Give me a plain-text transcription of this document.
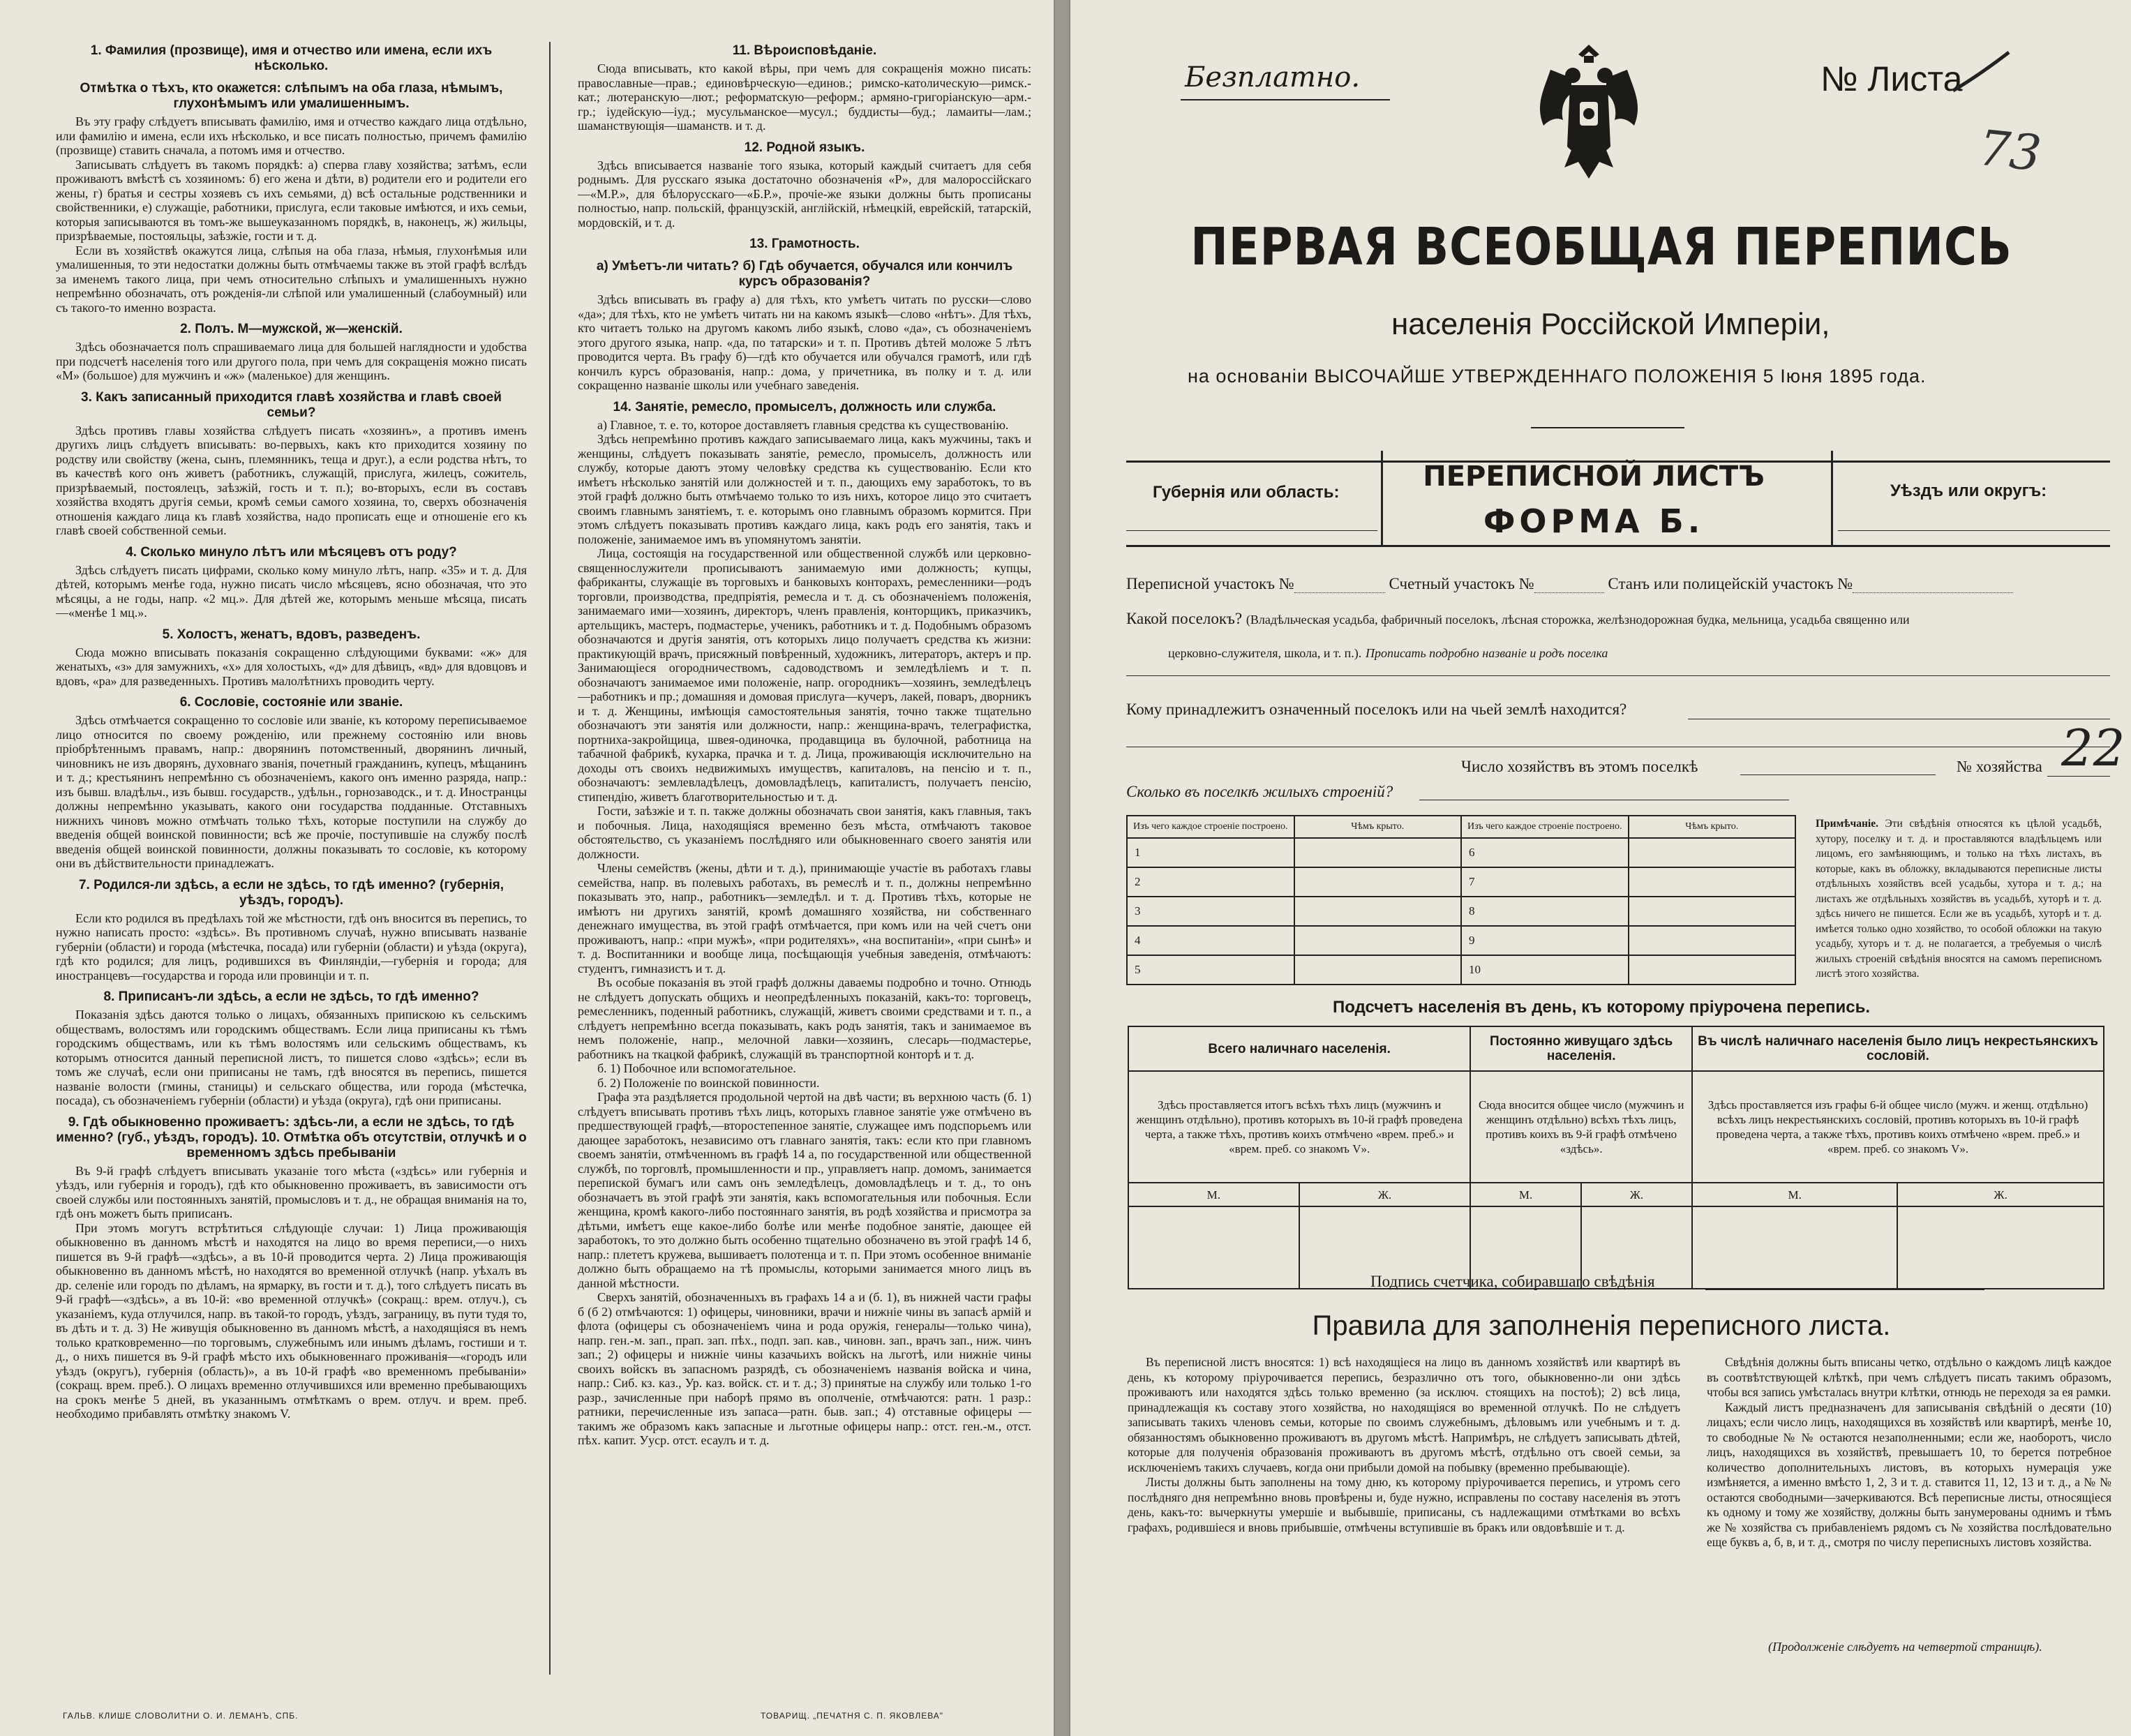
1. Фамилия (прозвище), имя и отчество или имена, если ихъ нѣсколько.
Отмѣтка о тѣхъ, кто окажется: слѣпымъ на оба глаза, нѣмымъ, глухонѣмымъ или умалишеннымъ.

Въ эту графу слѣдуетъ вписывать фамилію, имя и отчество каждаго лица отдѣльно, или фамилію и имена, если ихъ нѣсколько, и все писать полностью, причемъ фамилію (прозвище) ставить сначала, а потомъ имя и отчество.

Записывать слѣдуетъ въ такомъ порядкѣ: а) сперва главу хозяйства; затѣмъ, если проживаютъ вмѣстѣ съ хозяиномъ: б) его жена и дѣти, в) родители его и родители его жены, г) братья и сестры хозяевъ съ ихъ семьями, д) всѣ остальные родственники и свойственники, е) служащіе, работники, прислуга, если таковые имѣются, и ихъ семьи, которыя записываются въ томъ-же вышеуказанномъ порядкѣ, в, наконецъ, ж) жильцы, призрѣваемые, постояльцы, заѣзжіе, гости и т. д.

Если въ хозяйствѣ окажутся лица, слѣпыя на оба глаза, нѣмыя, глухонѣмыя или умалишенныя, то эти недостатки должны быть отмѣчаемы также въ этой графѣ вслѣдъ за именемъ такого лица, при чемъ относительно слѣпыхъ и умалишенныхъ нужно непремѣнно обозначать, отъ рожденія-ли слѣпой или умалишенный (слабоумный) или съ такого-то именно возраста.

2. Полъ. М—мужской, ж—женскій.

Здѣсь обозначается полъ спрашиваемаго лица для большей наглядности и удобства при подсчетѣ населенія того или другого пола, при чемъ для сокращенія можно писать «М» (большое) для мужчинъ и «ж» (маленькое) для женщинъ.

3. Какъ записанный приходится главѣ хозяйства и главѣ своей семьи?

Здѣсь противъ главы хозяйства слѣдуетъ писать «хозяинъ», а противъ именъ другихъ лицъ слѣдуетъ вписывать: во-первыхъ, какъ кто приходится хозяину по родству или свойству (жена, сынъ, племянникъ, теща и друг.), а если родства нѣтъ, то въ качествѣ кого онъ живетъ (работникъ, служащій, прислуга, жилецъ, сожитель, призрѣваемый, постоялецъ, заѣзжій, гость и т. п.); во-вторыхъ, если въ составъ хозяйства входятъ другія семьи, кромѣ семьи самого хозяина, то, сверхъ обозначенія отношенія каждаго лица къ главѣ хозяйства, надо прописать еще и отношеніе его къ главѣ своей собственной семьи.

4. Сколько минуло лѣтъ или мѣсяцевъ отъ роду?

Здѣсь слѣдуетъ писать цифрами, сколько кому минуло лѣтъ, напр. «35» и т. д. Для дѣтей, которымъ менѣе года, нужно писать число мѣсяцевъ, ясно обозначая, что это мѣсяцы, а не годы, напр. «2 мц.». Для дѣтей же, которымъ меньше мѣсяца, писать—«менѣе 1 мц.».

5. Холостъ, женатъ, вдовъ, разведенъ.

Сюда можно вписывать показанія сокращенно слѣдующими буквами: «ж» для женатыхъ, «з» для замужнихъ, «х» для холостыхъ, «д» для дѣвицъ, «вд» для вдовцовъ и вдовъ, «ра» для разведенныхъ. Противъ малолѣтнихъ проводить черту.

6. Сословіе, состояніе или званіе.

Здѣсь отмѣчается сокращенно то сословіе или званіе, къ которому переписываемое лицо относится по своему рожденію, или прежнему состоянію или вновь пріобрѣтеннымъ правамъ, напр.: дворянинъ потомственный, дворянинъ личный, чиновникъ не изъ дворянъ, духовнаго званія, почетный гражданинъ, купецъ, мѣщанинъ и т. д.; крестьянинъ непремѣнно съ обозначеніемъ, какого онъ именно разряда, напр.: изъ бывш. владѣльч., изъ бывш. государств., удѣльн., горнозаводск., и т. д. Иностранцы должны непремѣнно указывать, какого они государства подданные. Отставныхъ нижнихъ чиновъ можно отмѣчать только тѣхъ, которые поступили на службу до введенія общей воинской повинности; всѣ же прочіе, поступившіе на службу послѣ введенія общей воинской повинности, должны показывать то сословіе, къ которому они въ дѣйствительности принадлежатъ.

7. Родился-ли здѣсь, а если не здѣсь, то гдѣ именно? (губернія, уѣздъ, городъ).

Если кто родился въ предѣлахъ той же мѣстности, гдѣ онъ вносится въ перепись, то нужно написать просто: «здѣсь». Въ противномъ случаѣ, нужно вписывать названіе губерніи (области) и города (мѣстечка, посада) или губерніи (области) и уѣзда (округа), гдѣ кто родился; для лицъ, родившихся въ Финляндіи,—губернія и города; для иностранцевъ—государства и города или провинціи и т. п.

8. Приписанъ-ли здѣсь, а если не здѣсь, то гдѣ именно?

Показанія здѣсь даются только о лицахъ, обязанныхъ припискою къ сельскимъ обществамъ, волостямъ или городскимъ обществамъ. Если лица приписаны къ тѣмъ городскимъ обществамъ, или къ тѣмъ волостямъ или сельскимъ обществамъ, къ которымъ относится данный переписной листъ, то пишется слово «здѣсь»; если въ томъ же случаѣ, если они приписаны не тамъ, гдѣ вносятся въ перепись, пишется названіе волости (гмины, станицы) и сельскаго общества, или города (мѣстечка, посада), съ обозначеніемъ губерніи (области) и уѣзда (округа), гдѣ они приписаны.

9. Гдѣ обыкновенно проживаетъ: здѣсь-ли, а если не здѣсь, то гдѣ именно? (губ., уѣздъ, городъ). 10. Отмѣтка объ отсутствіи, отлучкѣ и о временномъ здѣсь пребываніи

Въ 9-й графѣ слѣдуетъ вписывать указаніе того мѣста («здѣсь» или губернія и уѣздъ, или губернія и городъ), гдѣ кто обыкновенно проживаетъ, въ зависимости отъ своей службы или постоянныхъ занятій, промысловъ и т. д., не обращая вниманія на то, гдѣ онъ можетъ быть приписанъ.

При этомъ могутъ встрѣтиться слѣдующіе случаи: 1) Лица проживающія обыкновенно въ данномъ мѣстѣ и находятся на лицо во время переписи,—о нихъ пишется въ 9-й графѣ—«здѣсь», а въ 10-й проводится черта. 2) Лица проживающія обыкновенно въ данномъ мѣстѣ, но находятся во временной отлучкѣ (напр. уѣхалъ въ др. селеніе или городъ по дѣламъ, на ярмарку, въ гости и т. д.), того слѣдуетъ писать въ 9-й графѣ—«здѣсь», а въ 10-й: «во временной отлучкѣ» (сокращ.: врем. отлуч.), съ указаніемъ, куда отлучился, напр. въ такой-то городъ, уѣздъ, заграницу, въ пути тудя то, въ дѣть и т. д. 3) Не живущія обыкновенно въ данномъ мѣстѣ, а находящіяся въ немъ только кратковременно—по торговымъ, служебнымъ или инымъ дѣламъ, гостиши и т. д., о нихъ пишется въ 9-й графѣ мѣсто ихъ обыкновеннаго проживанія—«городъ или уѣздъ (округъ), губернія (область)», а въ 10-й графѣ «во временномъ пребываніи» (сокращ. врем. преб.). О лицахъ временно отлучившихся или временно пребывающихъ на срокъ менѣе 5 дней, въ указаннымъ отмѣткамъ о врем. отлуч. и врем. преб. необходимо прибавлять отмѣтку знакомъ V.

11. Вѣроисповѣданіе.

Сюда вписывать, кто какой вѣры, при чемъ для сокращенія можно писать: православные—прав.; единовѣрческую—единов.; римско-католическую—римск.-кат.; лютеранскую—лют.; реформатскую—реформ.; армяно-григоріанскую—арм.-гр.; іудейскую—іуд.; мусульманское—мусул.; буддисты—буд.; ламаиты—лам.; шаманствующія—шаманств. и т. д.

12. Родной языкъ.

Здѣсь вписывается названіе того языка, который каждый считаетъ для себя роднымъ. Для русскаго языка достаточно обозначенія «Р», для малороссійскаго—«М.Р.», для бѣлорусскаго—«Б.Р.», прочіе-же языки должны быть прописаны полностью, напр. польскій, французскій, англійскій, нѣмецкій, еврейскій, татарскій, мордовскій, и т. д.

13. Грамотность.
а) Умѣетъ-ли читать? б) Гдѣ обучается, обучался или кончилъ курсъ образованія?

Здѣсь вписывать въ графу а) для тѣхъ, кто умѣетъ читать по русски—слово «да»; для тѣхъ, кто не умѣетъ читать ни на какомъ языкѣ—слово «нѣтъ». Для тѣхъ, кто читаетъ только на другомъ какомъ либо языкѣ, слово «да», съ обозначеніемъ этого другого языка, напр. «да, по татарски» и т. п. Противъ дѣтей моложе 5 лѣтъ проводится черта. Въ графу б)—гдѣ кто обучается или обучался грамотѣ, или гдѣ кончилъ курсъ образованія, напр.: дома, у причетника, въ полку и т. д. или сокращенно названіе школы или учебнаго заведенія.

14. Занятіе, ремесло, промыселъ, должность или служба.

а) Главное, т. е. то, которое доставляетъ главныя средства къ существованію.

Здѣсь непремѣнно противъ каждаго записываемаго лица, какъ мужчины, такъ и женщины, слѣдуетъ показывать занятіе, ремесло, промыселъ, должность или службу, которые даютъ этому человѣку средства къ существованію. Если кто имѣетъ нѣсколько занятій или должностей и т. п., дающихъ ему заработокъ, то въ этой графѣ должно быть отмѣчаемо только то изъ нихъ, которое лицо это считаетъ своимъ главнымъ занятіемъ, т. е. которымъ оно главнымъ образомъ кормится. При этомъ слѣдуетъ показывать противъ каждаго лица, какъ родъ его занятія, такъ и положеніе, занимаемое имъ въ упомянутомъ занятіи.

Лица, состоящія на государственной или общественной службѣ или церковно-священнослужители прописываютъ занимаемую ими должность; купцы, фабриканты, служащіе въ торговыхъ и банковыхъ конторахъ, ремесленники—родъ торговли, производства, предпріятія, ремесла и т. д. съ обозначеніемъ положенія, занимаемаго ими—хозяинъ, директоръ, членъ правленія, конторщикъ, приказчикъ, артельщикъ, мастеръ, подмастерье, ученикъ, работникъ и т. д. Подобнымъ образомъ обозначаются и другія занятія, отъ которыхъ лицо получаетъ средства къ жизни: практикующій врачъ, присяжный повѣренный, художникъ, литераторъ, актеръ и пр. Занимающіеся огородничествомъ, садоводствомъ и земледѣліемъ и т. п. обозначаютъ занимаемое ими положеніе, напр. огородникъ—хозяинъ, земледѣлецъ—работникъ и пр.; домашняя и домовая прислуга—кучеръ, лакей, поваръ, дворникъ и т. д. Женщины, имѣющія самостоятельныя занятія, точно также тщательно обозначаютъ эти занятія или должности, напр.: женщина-врачъ, телеграфистка, портниха-закройщица, швея-одиночка, продавщица въ булочной, работница на табачной фабрикѣ, кухарка, прачка и т. д. Лица, проживающія исключительно на доходы отъ своихъ недвижимыхъ имуществъ, капиталовъ, на пенсію и т. п., обозначаютъ: землевладѣлецъ, домовладѣлецъ, капиталистъ, получаетъ пенсію, стипендію, живетъ благотворительностью и т. д.

Гости, заѣзжіе и т. п. также должны обозначать свои занятія, какъ главныя, такъ и побочныя. Лица, находящіяся временно безъ мѣста, отмѣчаютъ таковое обстоятельство, съ указаніемъ послѣдняго или обыкновеннаго своего занятія или должности.

Члены семействъ (жены, дѣти и т. д.), принимающіе участіе въ работахъ главы семейства, напр. въ полевыхъ работахъ, въ ремеслѣ и т. п., должны непремѣнно показывать это, напр., работникъ—земледѣл. и т. д. Противъ тѣхъ, которые не имѣютъ ни другихъ занятій, кромѣ домашняго хозяйства, ни собственнаго денежнаго имущества, въ этой графѣ отмѣчается, при комъ или на чей счетъ они проживаютъ, напр.: «при мужѣ», «при родителяхъ», «на воспитаніи», «при сынѣ» и т. д. Воспитанники и вообще лица, посѣщающія учебныя заведенія, отмѣчаютъ: студентъ, гимназистъ и т. д.

Въ особые показанія въ этой графѣ должны даваемы подробно и точно. Отнюдь не слѣдуетъ допускать общихъ и неопредѣленныхъ показаній, какъ-то: торговецъ, ремесленникъ, поденный работникъ, служащій, живетъ своими средствами и т. п., а слѣдуетъ непремѣнно всегда показывать, какъ родъ занятія, такъ и занимаемое въ немъ положеніе, напр., мелочной лавки—хозяинъ, слесарь—подмастерье, работникъ на ткацкой фабрикѣ, служащій въ транспортной конторѣ и т. д.

б. 1) Побочное или вспомогательное.

б. 2) Положеніе по воинской повинности.

Графа эта раздѣляется продольной чертой на двѣ части; въ верхнюю часть (б. 1) слѣдуетъ вписывать противъ тѣхъ лицъ, которыхъ главное занятіе уже отмѣчено въ предшествующей графѣ,—второстепенное занятіе, служащее имъ подспорьемъ или дающее заработокъ, независимо отъ главнаго занятія, такъ: если кто при главномъ своемъ занятіи, отмѣченномъ въ графѣ 14 а, по государственной или общественной службѣ, по торговлѣ, промышленности и пр., управляетъ напр. домомъ, занимается перепиской бумагъ или самъ онъ земледѣлецъ, домовладѣлецъ и т. д., то онъ обозначаетъ въ этой графѣ эти занятія, какъ вспомогательныя или побочныя. Если женщина, кромѣ какого-либо постояннаго занятія, въ родѣ хозяйства и присмотра за дѣтьми, имѣетъ еще какое-либо болѣе или менѣе подобное занятіе, дающее ей заработокъ, то это должно быть особенно тщательно обозначено въ этой графѣ 14 б, напр.: плететъ кружева, вышиваетъ полотенца и т. п. При этомъ особенное вниманіе должно быть обращаемо на тѣ промыслы, которыми занимается много лицъ въ данной мѣстности.

Сверхъ занятій, обозначенныхъ въ графахъ 14 а и (б. 1), въ нижней части графы б (б 2) отмѣчаются: 1) офицеры, чиновники, врачи и нижніе чины въ запасѣ армій и флота (офицеры съ обозначеніемъ чина и рода оружія, генералы—только чина), напр. ген.-м. зап., прап. зап. пѣх., подп. зап. кав., чиновн. зап., врачъ зап., ниж. чинъ зап.; 2) офицеры и нижніе чины казачьихъ войскъ на льготѣ, или нижніе чины своихъ войскъ въ запасномъ разрядѣ, съ обозначеніемъ названія войска и чина, напр.: Сиб. кз. каз., Ур. каз. войск. ст. и т. д.; 3) принятые на службу или только 1-го разр., зачисленные при наборѣ прямо въ ополченіе, отмѣчаются: ратн. 1 разр.: ратники, перечисленные изъ запаса—ратн. быв. зап.; 4) отставные офицеры — такимъ же образомъ какъ запасные и льготные офицеры напр.: отст. ген.-м., отст. пѣх. капит. Ууср. отст. есаулъ и т. д.

ГАЛЬВ. КЛИШЕ СЛОВОЛИТНИ О. И. ЛЕМАНЪ, СПБ.	ТОВАРИЩ. „ПЕЧАТНЯ С. П. ЯКОВЛЕВА"
Безплатно.	№ Листа
73
ПЕРВАЯ ВСЕОБЩАЯ ПЕРЕПИСЬ
населенія Россійской Имперіи,
на основаніи ВЫСОЧАЙШЕ УТВЕРЖДЕННАГО ПОЛОЖЕНІЯ 5 Іюня 1895 года.
Губернія или область:	ПЕРЕПИСНОЙ ЛИСТЪ
ФОРМА Б.
Уѣздъ или округъ:
Переписной участокъ №	Счетный участокъ №	Станъ или полицейскій участокъ №
Какой поселокъ? (Владѣльческая усадьба, фабричный поселокъ, лѣсная сторожка, желѣзнодорожная будка, мельница, усадьба священно или
церковно-служителя, школа, и т. п.). Прописать подробно названіе и родъ поселка
Кому принадлежитъ означенный поселокъ или на чьей землѣ находится?
Число хозяйствъ въ этомъ поселкѣ	№ хозяйства 22
Сколько въ поселкѣ жилыхъ строеній?
Изъ чего каждое строеніе построено.	Чѣмъ крыто.	Изъ чего каждое строеніе построено.	Чѣмъ крыто.
1		6	
2		7	
3		8	
4		9	
5		10	
Примѣчаніе. Эти свѣдѣнія относятся къ цѣлой усадьбѣ, хутору, поселку и т. д. и проставляются владѣльцемъ или лицомъ, его замѣняющимъ, и только на тѣхъ листахъ, въ которые, какъ въ обложку, вкладываются переписные листы отдѣльныхъ хозяйствъ всей усадьбы, хутора и т. д.; на листахъ же отдѣльныхъ хозяйствъ въ усадьбѣ, хуторѣ и т. д. здѣсь ничего не пишется. Если же въ усадьбѣ, хуторѣ и т. д. имѣется только одно хозяйство, то особой обложки на такую усадьбу, хуторъ и т. д. не полагается, а требуемыя о числѣ жилыхъ строеній свѣдѣнія вносятся на самомъ переписномъ листѣ этого хозяйства.
Подсчетъ населенія въ день, къ которому пріурочена перепись.
Всего наличнаго населенія.		Постоянно живущаго здѣсь населенія.		Въ числѣ наличнаго населенія было лицъ некрестьянскихъ сословій.	
Здѣсь проставляется итогъ всѣхъ тѣхъ лицъ (мужчинъ и женщинъ отдѣльно), противъ которыхъ въ 10-й графѣ проведена черта, а также тѣхъ, противъ коихъ отмѣчено «врем. преб.» и «врем. преб. со знакомъ V».		Сюда вносится общее число (мужчинъ и женщинъ отдѣльно) всѣхъ тѣхъ лицъ, противъ коихъ въ 9-й графѣ отмѣчено «здѣсь».		Здѣсь проставляется изъ графы 6-й общее число (мужч. и женщ. отдѣльно) всѣхъ лицъ некрестьянскихъ сословій, противъ которыхъ въ 10-й графѣ проведена черта, а также тѣхъ, противъ коихъ отмѣчено «врем. преб.» и «врем. преб. со знакомъ V».	
М.	Ж.	М.	Ж.	М.	Ж.

Подпись счетчика, собиравшаго свѣдѣнія
Правила для заполненія переписного листа.

Въ переписной листъ вносятся: 1) всѣ находящіеся на лицо въ данномъ хозяйствѣ или квартирѣ въ день, къ которому пріурочивается перепись, безразлично отъ того, обыкновенно-ли они здѣсь проживаютъ или находятся здѣсь только временно (за исключ. стоящихъ на постоѣ); 2) всѣ лица, принадлежащія къ составу этого хозяйства, но находящіяся во временной отлучкѣ. По не слѣдуетъ записывать такихъ членовъ семьи, которые по своимъ служебнымъ, дѣловымъ или учебнымъ и т. д. обязанностямъ обыкновенно проживаютъ въ другомъ мѣстѣ. Напримѣръ, не слѣдуетъ записывать дѣтей, которые для полученія образованія проживаютъ въ другомъ мѣстѣ, отдѣльно отъ своей семьи, за исключеніемъ такихъ случаевъ, когда они прибыли домой на побывку (временно пребывающіе).

Листы должны быть заполнены на тому дню, къ которому пріурочивается перепись, и утромъ сего послѣдняго дня непремѣнно вновь провѣрены и, буде нужно, исправлены по составу населенія въ этотъ день, какъ-то: вычеркнуты умершіе и выбывшіе, приписаны, съ надлежащими отмѣтками во всѣхъ графахъ, родившіеся и вновь прибывшіе, отмѣчены вступившіе въ бракъ или овдовѣвшіе и т. д.

Свѣдѣнія должны быть вписаны четко, отдѣльно о каждомъ лицѣ каждое въ соотвѣтствующей клѣткѣ, при чемъ слѣдуетъ писать такимъ образомъ, чтобы вся запись умѣсталась внутри клѣтки, отнюдь не переходя за ея рамки.

Каждый листъ предназначенъ для записыванія свѣдѣній о десяти (10) лицахъ; если число лицъ, находящихся въ хозяйствѣ или квартирѣ, менѣе 10, то свободные № № остаются незаполненными; если же, наоборотъ, число лицъ, находящихся въ хозяйствѣ, превышаетъ 10, то берется потребное количество дополнительныхъ листовъ, въ которыхъ нумерація уже измѣняется, а именно вмѣсто 1, 2, 3 и т. д. ставится 11, 12, 13 и т. д., а № № остаются свободными—зачеркиваются. Всѣ переписные листы, относящіеся къ одному и тому же хозяйству, должны быть занумерованы однимъ и тѣмъ же № хозяйства съ прибавленіемъ рядомъ съ № хозяйства послѣдовательно еще буквъ а, б, в, и т. д., смотря по числу переписныхъ листовъ хозяйства.

(Продолженіе слѣдуетъ на четвертой страницѣ).
